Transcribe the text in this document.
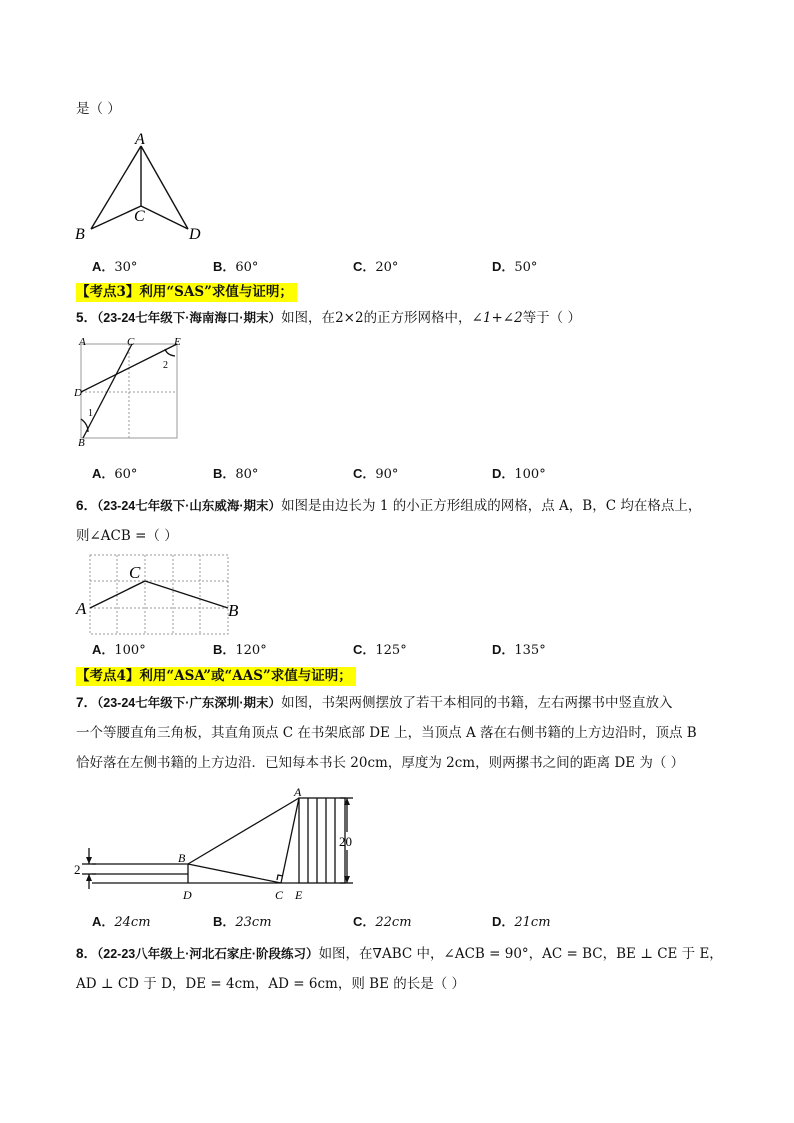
是（ ）
A
B
C
D
A．30°	B．60°	C．20°	D．50°
【考点3】利用“SAS”求值与证明；
5．（23-24七年级下·海南海口·期末）如图，在2×2的正方形网格中，∠1+∠2等于（ ）
A	C	E
D
1
2
B
A．60°	B．80°	C．90°	D．100°
6．（23-24七年级下·山东威海·期末）如图是由边长为 1 的小正方形组成的网格，点 A，B，C 均在格点上，
则∠ACB =（ ）
C
A	B
A．100°	B．120°	C．125°	D．135°
【考点4】利用“ASA”或“AAS”求值与证明；
7．（23-24七年级下·广东深圳·期末）如图，书架两侧摆放了若干本相同的书籍，左右两摞书中竖直放入
一个等腰直角三角板，其直角顶点 C 在书架底部 DE 上，当顶点 A 落在右侧书籍的上方边沿时，顶点 B
恰好落在左侧书籍的上方边沿．已知每本书长 20cm，厚度为 2cm，则两摞书之间的距离 DE 为（ ）
A
B
D	C E
20
2
A．24cm	B．23cm	C．22cm	D．21cm
8．（22-23八年级上·河北石家庄·阶段练习）如图，在∇ABC 中，∠ACB = 90°，AC = BC，BE ⊥ CE 于 E，
AD ⊥ CD 于 D，DE = 4cm，AD = 6cm，则 BE 的长是（ ）
